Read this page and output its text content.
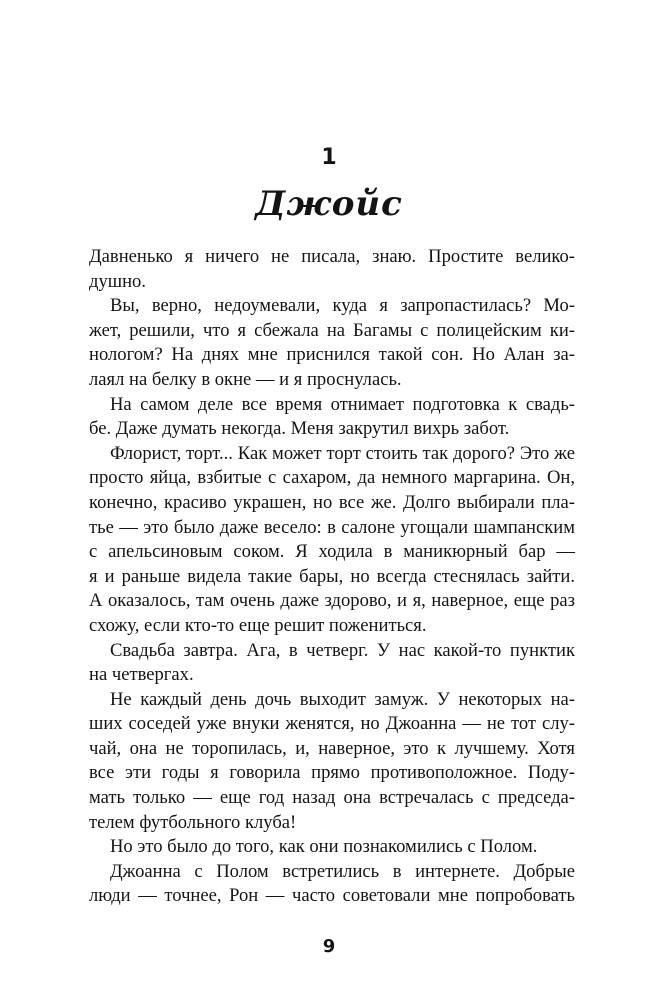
1
Джойс
Давненько я ничего не писала, знаю. Простите велико-
душно.
Вы, верно, недоумевали, куда я запропастилась? Мо-
жет, решили, что я сбежала на Багамы с полицейским ки-
нологом? На днях мне приснился такой сон. Но Алан за-
лаял на белку в окне — и я проснулась.
На самом деле все время отнимает подготовка к свадь-
бе. Даже думать некогда. Меня закрутил вихрь забот.
Флорист, торт... Как может торт стоить так дорого? Это же
просто яйца, взбитые с сахаром, да немного маргарина. Он,
конечно, красиво украшен, но все же. Долго выбирали пла-
тье — это было даже весело: в салоне угощали шампанским
с апельсиновым соком. Я ходила в маникюрный бар —
я и раньше видела такие бары, но всегда стеснялась зайти.
А оказалось, там очень даже здорово, и я, наверное, еще раз
схожу, если кто-то еще решит пожениться.
Свадьба завтра. Ага, в четверг. У нас какой-то пунктик
на четвергах.
Не каждый день дочь выходит замуж. У некоторых на-
ших соседей уже внуки женятся, но Джоанна — не тот слу-
чай, она не торопилась, и, наверное, это к лучшему. Хотя
все эти годы я говорила прямо противоположное. Поду-
мать только — еще год назад она встречалась с председа-
телем футбольного клуба!
Но это было до того, как они познакомились с Полом.
Джоанна с Полом встретились в интернете. Добрые
люди — точнее, Рон — часто советовали мне попробовать
9
